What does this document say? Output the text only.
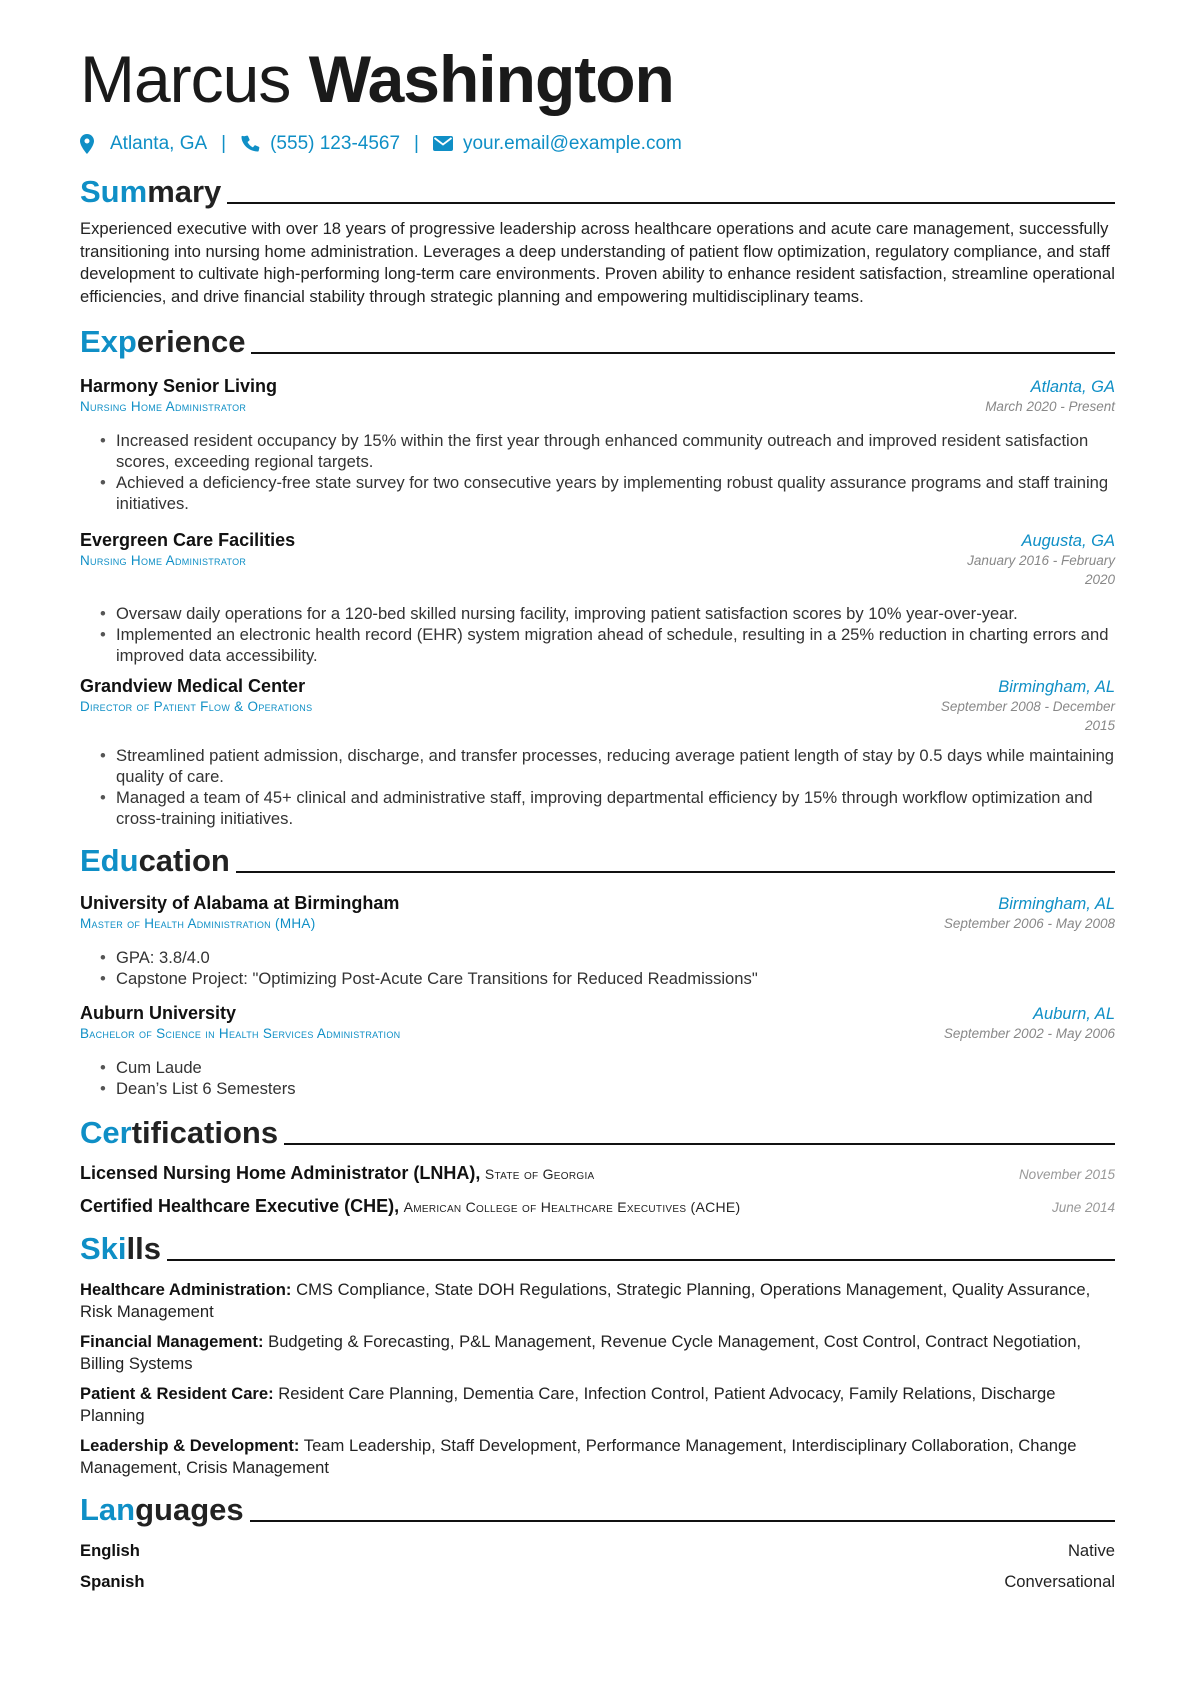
Marcus Washington
Atlanta, GA | (555) 123-4567 | your.email@example.com
Summary
Experienced executive with over 18 years of progressive leadership across healthcare operations and acute care management, successfully transitioning into nursing home administration. Leverages a deep understanding of patient flow optimization, regulatory compliance, and staff development to cultivate high-performing long-term care environments. Proven ability to enhance resident satisfaction, streamline operational efficiencies, and drive financial stability through strategic planning and empowering multidisciplinary teams.
Experience
Harmony Senior Living	Atlanta, GA
Nursing Home Administrator	March 2020 - Present
• Increased resident occupancy by 15% within the first year through enhanced community outreach and improved resident satisfaction scores, exceeding regional targets.
• Achieved a deficiency-free state survey for two consecutive years by implementing robust quality assurance programs and staff training initiatives.
Evergreen Care Facilities	Augusta, GA
Nursing Home Administrator	January 2016 - February 2020
• Oversaw daily operations for a 120-bed skilled nursing facility, improving patient satisfaction scores by 10% year-over-year.
• Implemented an electronic health record (EHR) system migration ahead of schedule, resulting in a 25% reduction in charting errors and improved data accessibility.
Grandview Medical Center	Birmingham, AL
Director of Patient Flow & Operations	September 2008 - December 2015
• Streamlined patient admission, discharge, and transfer processes, reducing average patient length of stay by 0.5 days while maintaining quality of care.
• Managed a team of 45+ clinical and administrative staff, improving departmental efficiency by 15% through workflow optimization and cross-training initiatives.
Education
University of Alabama at Birmingham	Birmingham, AL
Master of Health Administration (MHA)	September 2006 - May 2008
• GPA: 3.8/4.0
• Capstone Project: "Optimizing Post-Acute Care Transitions for Reduced Readmissions"
Auburn University	Auburn, AL
Bachelor of Science in Health Services Administration	September 2002 - May 2006
• Cum Laude
• Dean’s List 6 Semesters
Certifications
Licensed Nursing Home Administrator (LNHA), State of Georgia	November 2015
Certified Healthcare Executive (CHE), American College of Healthcare Executives (ACHE)	June 2014
Skills
Healthcare Administration: CMS Compliance, State DOH Regulations, Strategic Planning, Operations Management, Quality Assurance, Risk Management
Financial Management: Budgeting & Forecasting, P&L Management, Revenue Cycle Management, Cost Control, Contract Negotiation, Billing Systems
Patient & Resident Care: Resident Care Planning, Dementia Care, Infection Control, Patient Advocacy, Family Relations, Discharge Planning
Leadership & Development: Team Leadership, Staff Development, Performance Management, Interdisciplinary Collaboration, Change Management, Crisis Management
Languages
English	Native
Spanish	Conversational
